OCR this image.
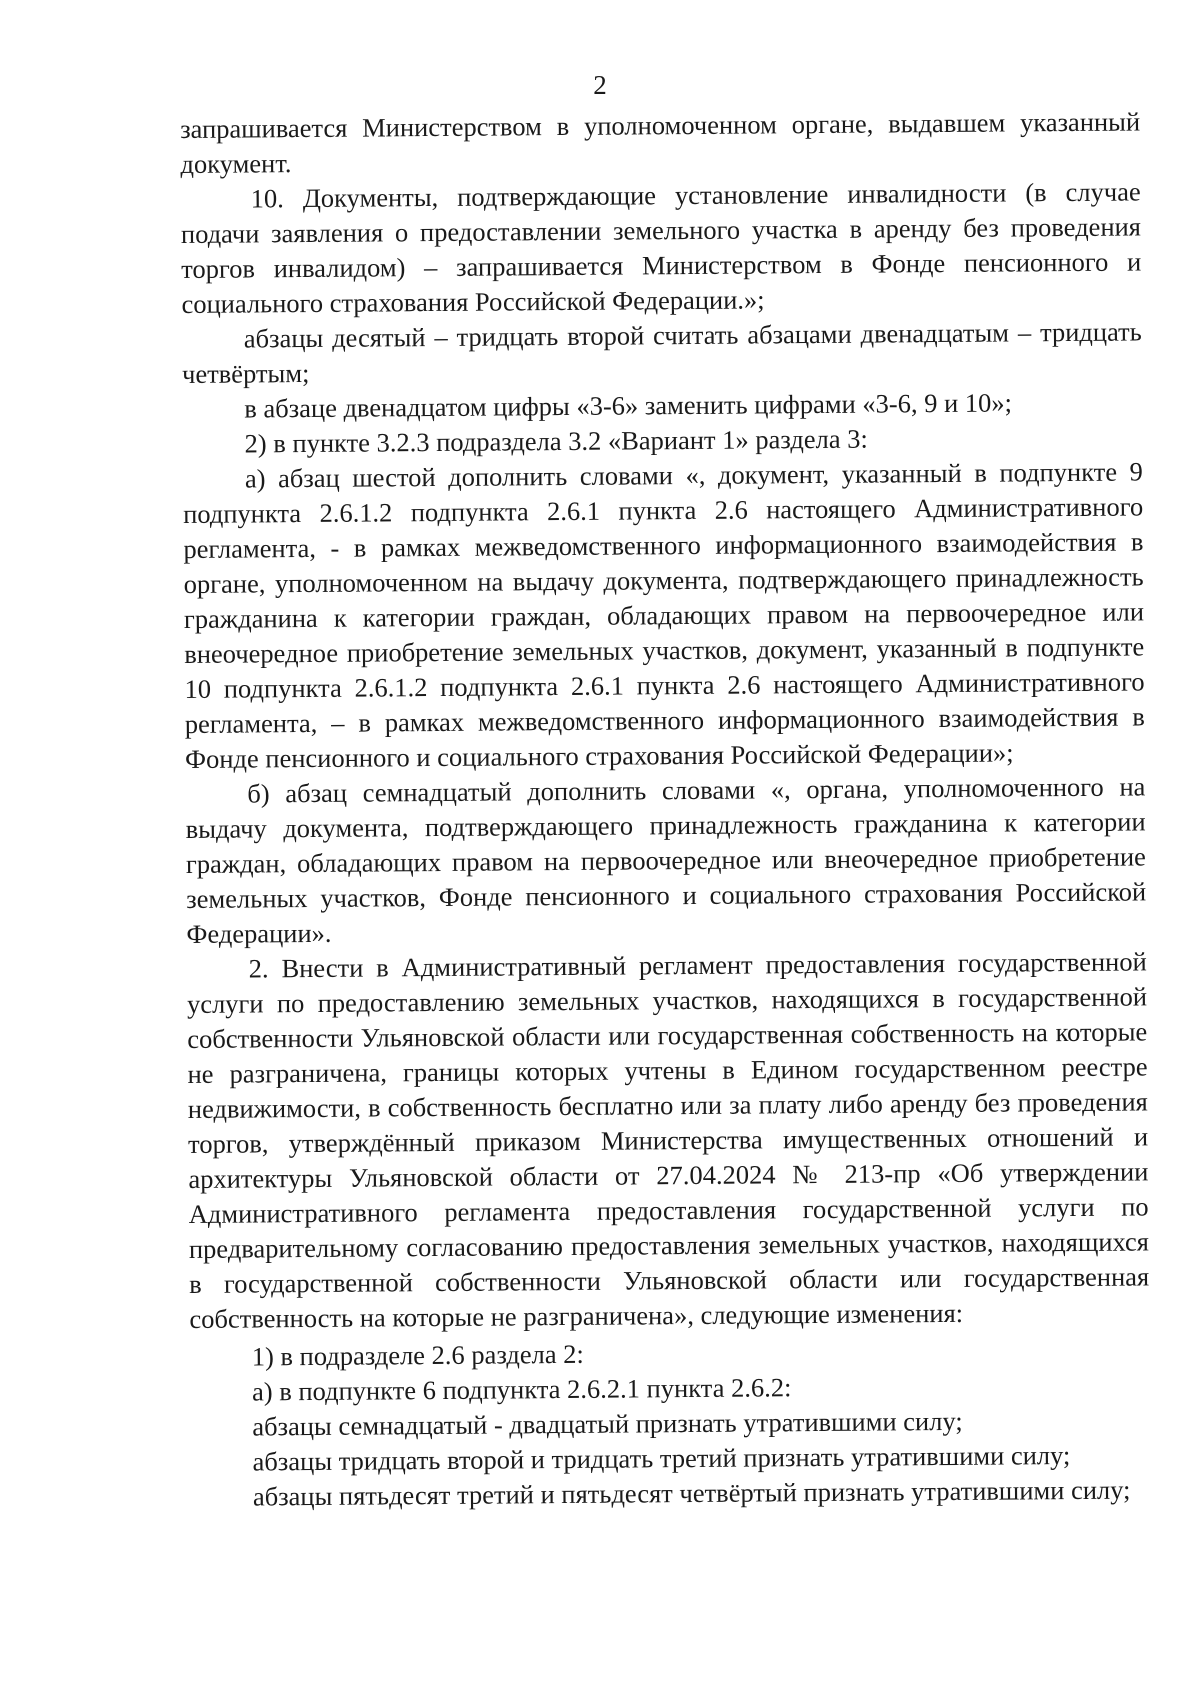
2

запрашивается Министерством в уполномоченном органе, выдавшем указанный документ.

10. Документы, подтверждающие установление инвалидности (в случае подачи заявления о предоставлении земельного участка в аренду без проведения торгов инвалидом) – запрашивается Министерством в Фонде пенсионного и социального страхования Российской Федерации.»;

абзацы десятый – тридцать второй считать абзацами двенадцатым – тридцать четвёртым;

в абзаце двенадцатом цифры «3-6» заменить цифрами «3-6, 9 и 10»;

2) в пункте 3.2.3 подраздела 3.2 «Вариант 1» раздела 3:

а) абзац шестой дополнить словами «, документ, указанный в подпункте 9 подпункта 2.6.1.2 подпункта 2.6.1 пункта 2.6 настоящего Административного регламента, - в рамках межведомственного информационного взаимодействия в органе, уполномоченном на выдачу документа, подтверждающего принадлежность гражданина к категории граждан, обладающих правом на первоочередное или внеочередное приобретение земельных участков, документ, указанный в подпункте 10 подпункта 2.6.1.2 подпункта 2.6.1 пункта 2.6 настоящего Административного регламента, – в рамках межведомственного информационного взаимодействия в Фонде пенсионного и социального страхования Российской Федерации»;

б) абзац семнадцатый дополнить словами «, органа, уполномоченного на выдачу документа, подтверждающего принадлежность гражданина к категории граждан, обладающих правом на первоочередное или внеочередное приобретение земельных участков, Фонде пенсионного и социального страхования Российской Федерации».

2. Внести в Административный регламент предоставления государственной услуги по предоставлению земельных участков, находящихся в государственной собственности Ульяновской области или государственная собственность на которые не разграничена, границы которых учтены в Едином государственном реестре недвижимости, в собственность бесплатно или за плату либо аренду без проведения торгов, утверждённый приказом Министерства имущественных отношений и архитектуры Ульяновской области от 27.04.2024 № 213-пр «Об утверждении Административного регламента предоставления государственной услуги по предварительному согласованию предоставления земельных участков, находящихся в государственной собственности Ульяновской области или государственная собственность на которые не разграничена», следующие изменения:

1) в подразделе 2.6 раздела 2:

а) в подпункте 6 подпункта 2.6.2.1 пункта 2.6.2:

абзацы семнадцатый - двадцатый признать утратившими силу;

абзацы тридцать второй и тридцать третий признать утратившими силу;

абзацы пятьдесят третий и пятьдесят четвёртый признать утратившими силу;
